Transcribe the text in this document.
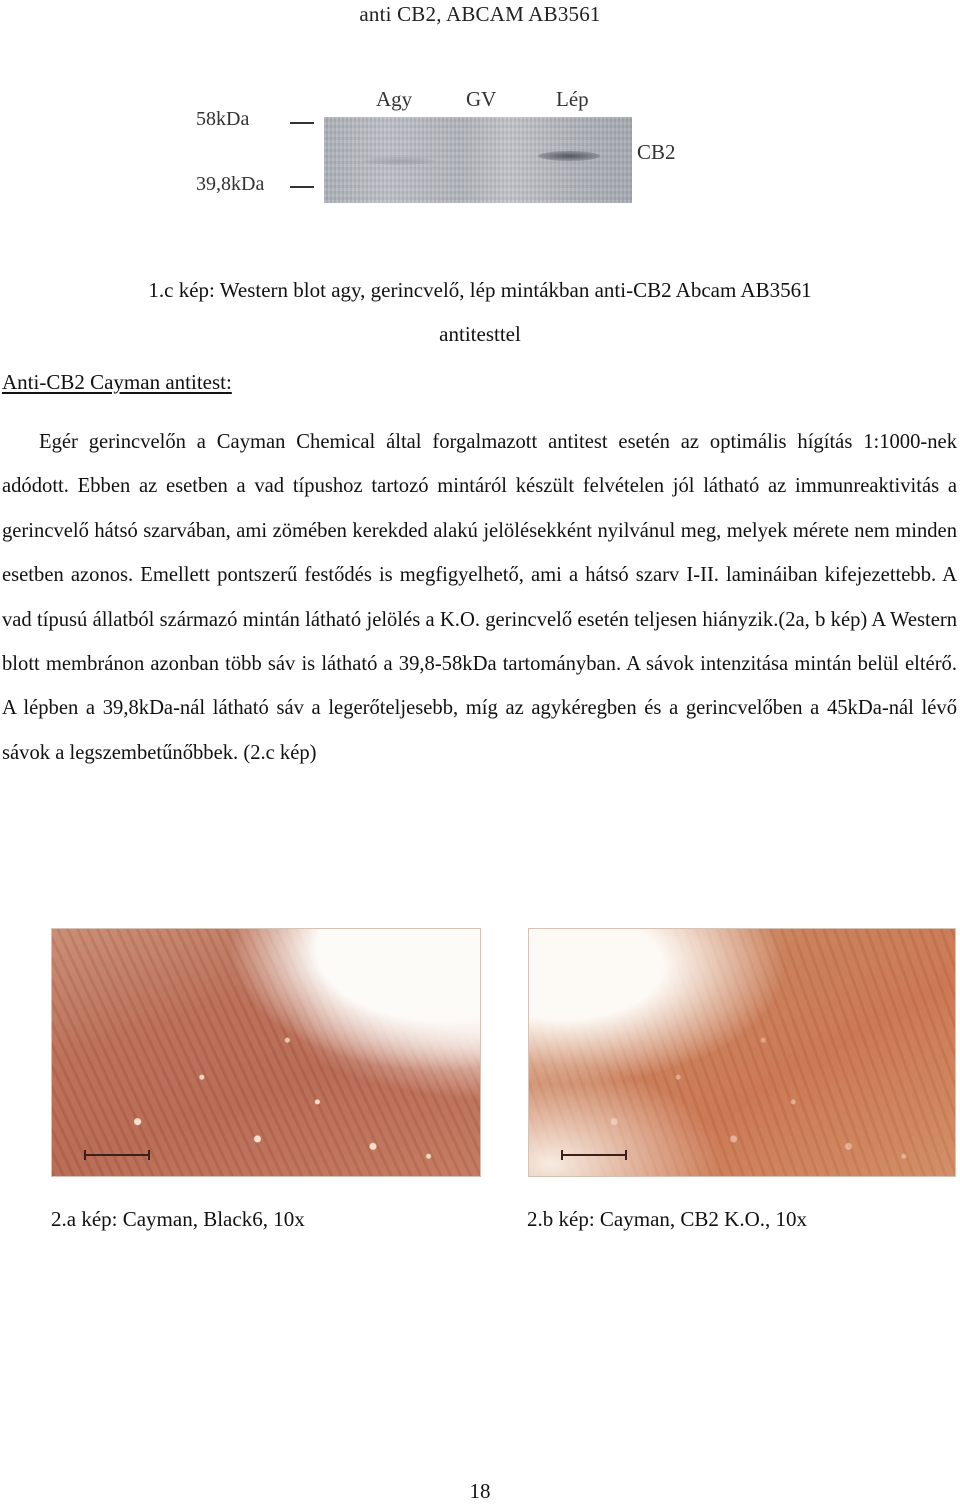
anti CB2, ABCAM AB3561
Agy	GV	Lép
58kDa
39,8kDa
CB2
1.c kép: Western blot agy, gerincvelő, lép mintákban anti-CB2 Abcam AB3561
antitesttel
Anti-CB2 Cayman antitest:

Egér gerincvelőn a Cayman Chemical által forgalmazott antitest esetén az optimális hígítás 1:1000-nek adódott. Ebben az esetben a vad típushoz tartozó mintáról készült felvételen jól látható az immunreaktivitás a gerincvelő hátsó szarvában, ami zömében kerekded alakú jelölésekként nyilvánul meg, melyek mérete nem minden esetben azonos. Emellett pontszerű festődés is megfigyelhető, ami a hátsó szarv I-II. lamináiban kifejezettebb. A vad típusú állatból származó mintán látható jelölés a K.O. gerincvelő esetén teljesen hiányzik.(2a, b kép) A Western blott membránon azonban több sáv is látható a 39,8-58kDa tartományban. A sávok intenzitása mintán belül eltérő. A lépben a 39,8kDa-nál látható sáv a legerőteljesebb, míg az agykéregben és a gerincvelőben a 45kDa-nál lévő sávok a legszembetűnőbbek. (2.c kép)

2.a kép: Cayman, Black6, 10x	2.b kép: Cayman, CB2 K.O., 10x
18
